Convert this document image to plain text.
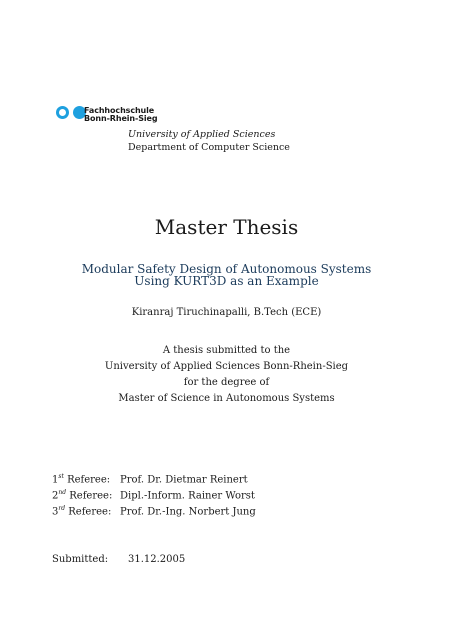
Fachhochschule
Bonn-Rhein-Sieg
University of Applied Sciences
Department of Computer Science
Master Thesis
Modular Safety Design of Autonomous Systems
Using KURT3D as an Example
Kiranraj Tiruchinapalli, B.Tech (ECE)
A thesis submitted to the
University of Applied Sciences Bonn-Rhein-Sieg
for the degree of
Master of Science in Autonomous Systems
1st Referee: Prof. Dr. Dietmar Reinert
2nd Referee: Dipl.-Inform. Rainer Worst
3rd Referee: Prof. Dr.-Ing. Norbert Jung
Submitted: 31.12.2005
